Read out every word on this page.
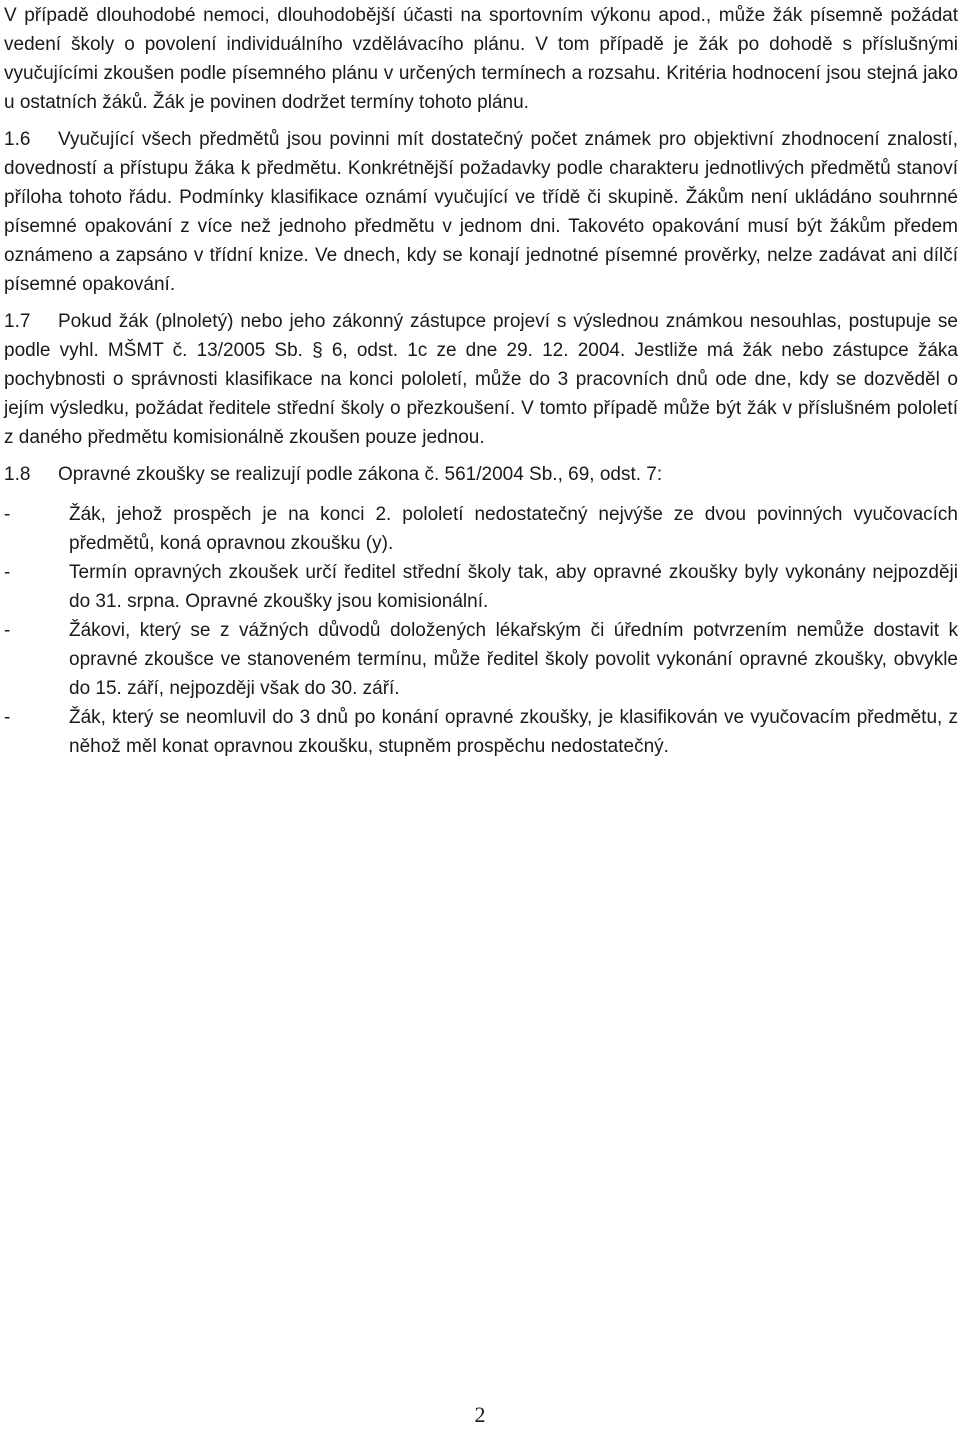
V případě dlouhodobé nemoci, dlouhodobější účasti na sportovním výkonu apod., může žák písemně požádat vedení školy o povolení individuálního vzdělávacího plánu. V tom případě je žák po dohodě s příslušnými vyučujícími zkoušen podle písemného plánu v určených termínech a rozsahu. Kritéria hodnocení jsou stejná jako u ostatních žáků. Žák je povinen dodržet termíny tohoto plánu.

1.6 Vyučující všech předmětů jsou povinni mít dostatečný počet známek pro objektivní zhodnocení znalostí, dovedností a přístupu žáka k předmětu. Konkrétnější požadavky podle charakteru jednotlivých předmětů stanoví příloha tohoto řádu. Podmínky klasifikace oznámí vyučující ve třídě či skupině. Žákům není ukládáno souhrnné písemné opakování z více než jednoho předmětu v jednom dni. Takovéto opakování musí být žákům předem oznámeno a zapsáno v třídní knize. Ve dnech, kdy se konají jednotné písemné prověrky, nelze zadávat ani dílčí písemné opakování.

1.7 Pokud žák (plnoletý) nebo jeho zákonný zástupce projeví s výslednou známkou nesouhlas, postupuje se podle vyhl. MŠMT č. 13/2005 Sb. § 6, odst. 1c ze dne 29. 12. 2004. Jestliže má žák nebo zástupce žáka pochybnosti o správnosti klasifikace na konci pololetí, může do 3 pracovních dnů ode dne, kdy se dozvěděl o jejím výsledku, požádat ředitele střední školy o přezkoušení. V tomto případě může být žák v příslušném pololetí z daného předmětu komisionálně zkoušen pouze jednou.

1.8 Opravné zkoušky se realizují podle zákona č. 561/2004 Sb., 69, odst. 7:

-	Žák, jehož prospěch je na konci 2. pololetí nedostatečný nejvýše ze dvou povinných vyučovacích předmětů, koná opravnou zkoušku (y).
-	Termín opravných zkoušek určí ředitel střední školy tak, aby opravné zkoušky byly vykonány nejpozději do 31. srpna. Opravné zkoušky jsou komisionální.
-	Žákovi, který se z vážných důvodů doložených lékařským či úředním potvrzením nemůže dostavit k opravné zkoušce ve stanoveném termínu, může ředitel školy povolit vykonání opravné zkoušky, obvykle do 15. září, nejpozději však do 30. září.
-	Žák, který se neomluvil do 3 dnů po konání opravné zkoušky, je klasifikován ve vyučovacím předmětu, z něhož měl konat opravnou zkoušku, stupněm prospěchu nedostatečný.
2
